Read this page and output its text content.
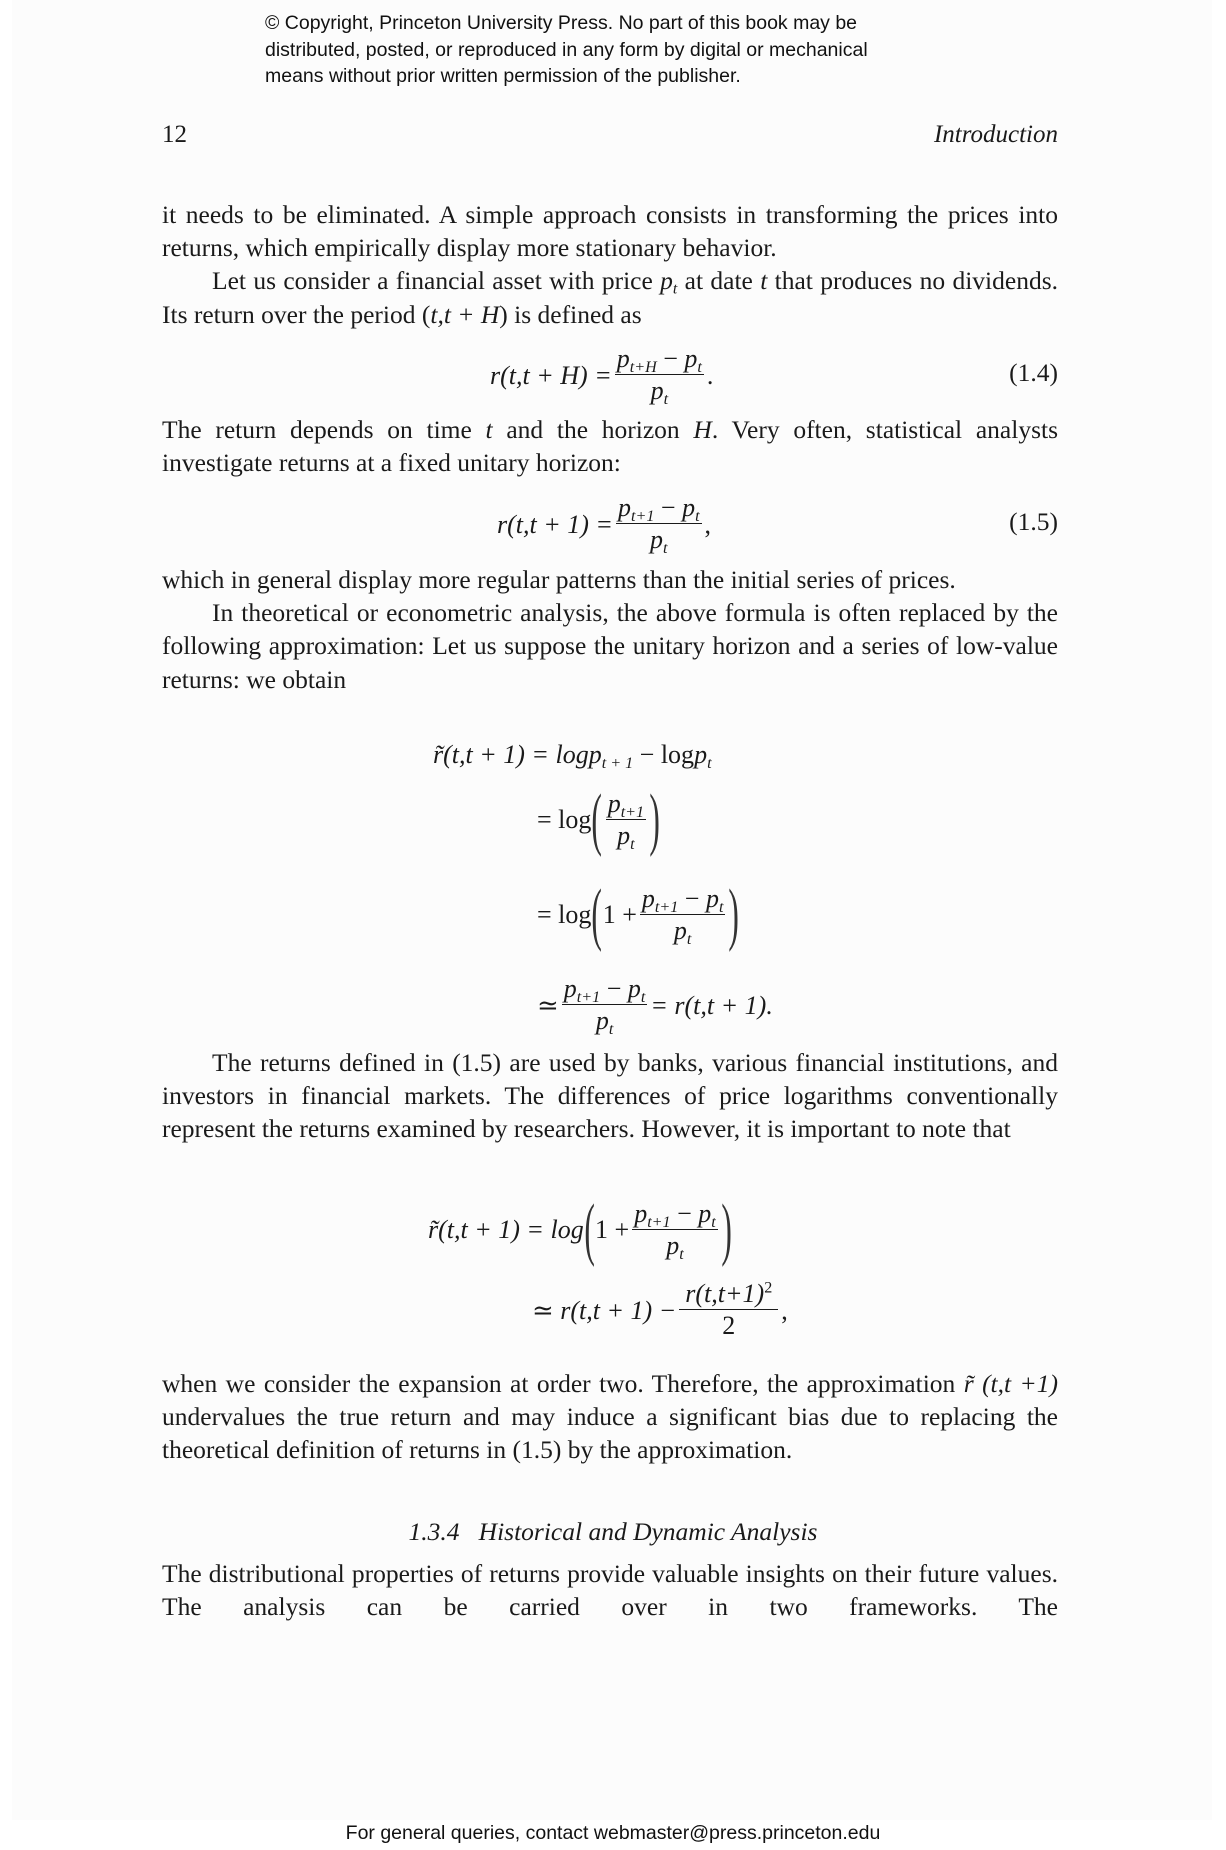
© Copyright, Princeton University Press. No part of this book may be
distributed, posted, or reproduced in any form by digital or mechanical
means without prior written permission of the publisher.
12	Introduction

it needs to be eliminated. A simple approach consists in transforming the prices into returns, which empirically display more stationary behavior.

Let us consider a financial asset with price $p_t$ at date t that produces no dividends. Its return over the period (t,t + H) is defined as

$r(t,t + H) = \frac{p_{t+H} - p_t}{p_t}$ .	(1.4)

The return depends on time t and the horizon H. Very often, statistical analysts investigate returns at a fixed unitary horizon:

$r(t,t + 1) = \frac{p_{t+1} - p_t}{p_t}$ ,	(1.5)

which in general display more regular patterns than the initial series of prices.

In theoretical or econometric analysis, the above formula is often replaced by the following approximation: Let us suppose the unitary horizon and a series of low-value returns: we obtain

r̃(t,t + 1) = logp$_{t + 1}$ − logp$_t$
= log ( $\frac{p_{t+1}}{p_t}$ )
= log ( $1 + \frac{p_{t+1} - p_t}{p_t}$ )
≃ $\frac{p_{t+1} - p_t}{p_t} = r(t,t + 1)$.

The returns defined in (1.5) are used by banks, various financial institutions, and investors in financial markets. The differences of price logarithms conventionally represent the returns examined by researchers. However, it is important to note that

r̃(t,t + 1) = log ( $1 + \frac{p_{t+1} - p_t}{p_t}$ )
≃ $r(t,t + 1) - \frac{r(t,t+1)^2}{2}$ ,

when we consider the expansion at order two. Therefore, the approximation r̃ (t,t +1) undervalues the true return and may induce a significant bias due to replacing the theoretical definition of returns in (1.5) by the approximation.

1.3.4 Historical and Dynamic Analysis

The distributional properties of returns provide valuable insights on their future values. The analysis can be carried over in two frameworks. The

For general queries, contact webmaster@press.princeton.edu
